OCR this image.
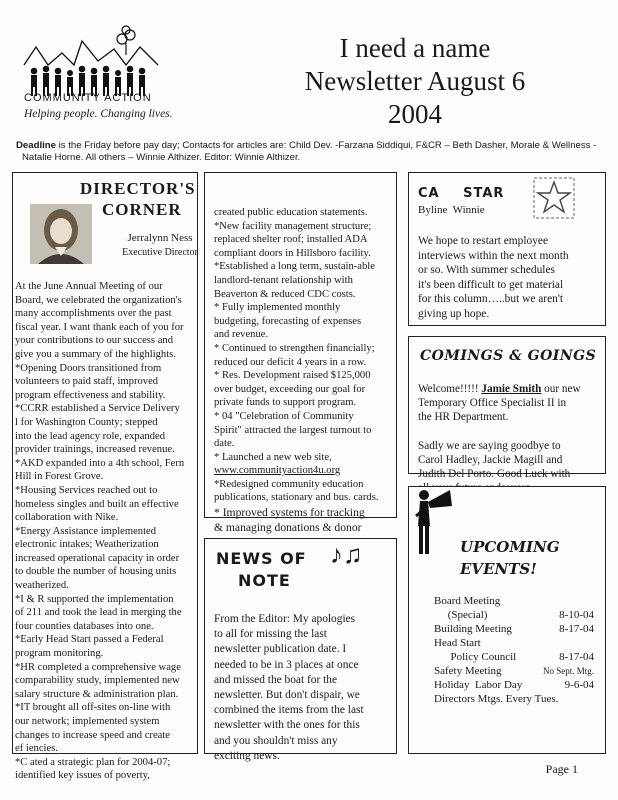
COMMUNITY ACTION
Helping people. Changing lives.
I need a name
Newsletter August 6
2004
Deadline is the Friday before pay day; Contacts for articles are: Child Dev. -Farzana Siddiqui, F&CR – Beth Dasher, Morale & Wellness -
Natalie Horne. All others – Winnie Althizer. Editor: Winnie Althizer.
DIRECTOR'S
CORNER
Jerralynn Ness
Executive Director
At the June Annual Meeting of our
Board, we celebrated the organization's
many accomplishments over the past
fiscal year. I want thank each of you for
your contributions to our success and
give you a summary of the highlights.
*Opening Doors transitioned from
volunteers to paid staff, improved
program effectiveness and stability.
*CCRR established a Service Delivery
l for Washington County; stepped
into the lead agency role, expanded
provider trainings, increased revenue.
*AKD expanded into a 4th school, Fern
Hill in Forest Grove.
*Housing Services reached out to
homeless singles and built an effective
collaboration with Nike.
*Energy Assistance implemented
electronic intakes; Weatherization
increased operational capacity in order
to double the number of housing units
weatherized.
*I & R supported the implementation
of 211 and took the lead in merging the
four counties databases into one.
*Early Head Start passed a Federal
program monitoring.
*HR completed a comprehensive wage
comparability study, implemented new
salary structure & administration plan.
*IT brought all off-sites on-line with
our network; implemented system
changes to increase speed and create
ef iencies.
*C ated a strategic plan for 2004-07;
identified key issues of poverty,
created public education statements.
*New facility management structure;
replaced shelter roof; installed ADA
compliant doors in Hillsboro facility.
*Established a long term, sustain-able
landlord-tenant relationship with
Beaverton & reduced CDC costs.
* Fully implemented monthly
budgeting, forecasting of expenses
and revenue.
* Continued to strengthen financially;
reduced our deficit 4 years in a row.
* Res. Development raised $125,000
over budget, exceeding our goal for
private funds to support program.
* 04 "Celebration of Community
Spirit" attracted the largest turnout to
date.
* Launched a new web site,
www.communityaction4u.org
*Redesigned community education
publications, stationary and bus. cards.
* Improved systems for tracking
& managing donations & donor
NEWS OF
NOTE
♪♫
From the Editor: My apologies
to all for missing the last
newsletter publication date. I
needed to be in 3 places at once
and missed the boat for the
newsletter. But don't dispair, we
combined the items from the last
newsletter with the ones for this
and you shouldn't miss any
exciting news.
CA STAR
Byline Winnie
We hope to restart employee
interviews within the next month
or so. With summer schedules
it's been difficult to get material
for this column…..but we aren't
giving up hope.
COMINGS & GOINGS
Welcome!!!!! Jamie Smith our new
Temporary Office Specialist II in
the HR Department.
Sadly we are saying goodbye to
Carol Hadley, Jackie Magill and
Judith Del Porto. Good Luck with
UPCOMING
EVENTS!
Board Meeting
(Special)	8-10-04
Building Meeting	8-17-04
Head Start
Policy Council	8-17-04
Safety Meeting	No Sept. Mtg.
Holiday  Labor Day	9-6-04
Directors Mtgs. Every Tues.
Page 1
